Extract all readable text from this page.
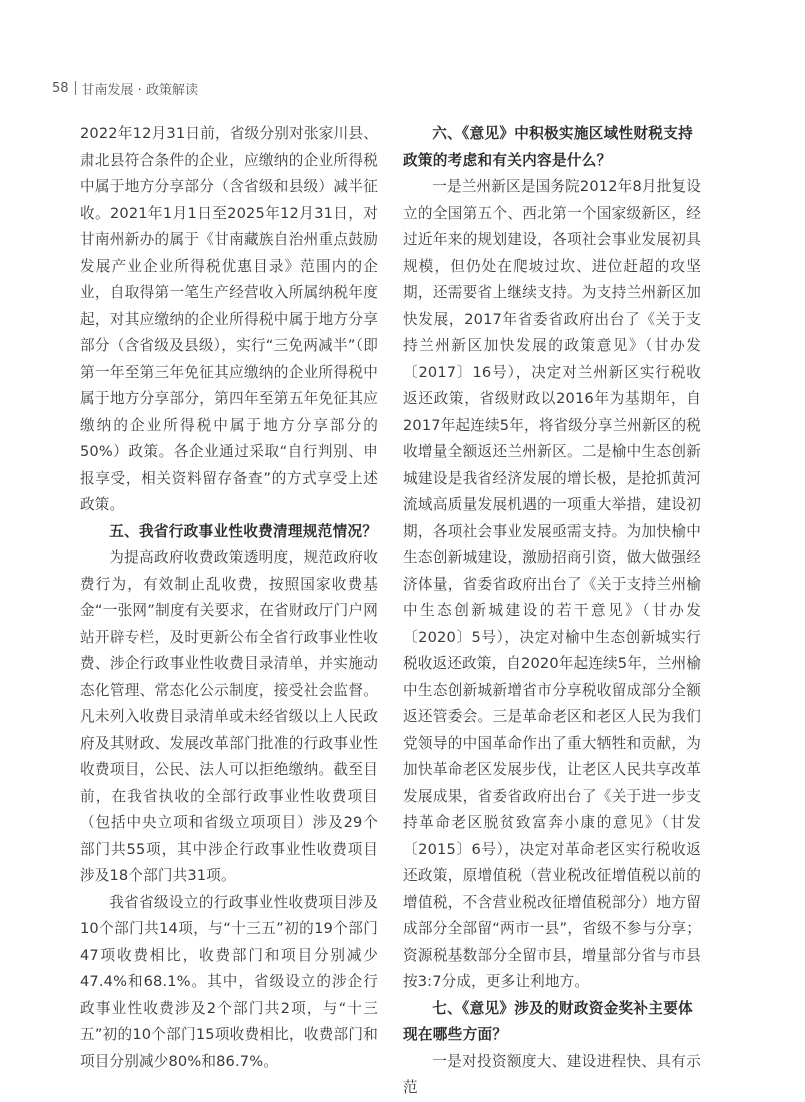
58 甘南发展 · 政策解读

2022年12月31日前，省级分别对张家川县、肃北县符合条件的企业，应缴纳的企业所得税中属于地方分享部分（含省级和县级）减半征收。2021年1月1日至2025年12月31日，对甘南州新办的属于《甘南藏族自治州重点鼓励发展产业企业所得税优惠目录》范围内的企业，自取得第一笔生产经营收入所属纳税年度起，对其应缴纳的企业所得税中属于地方分享部分（含省级及县级），实行“三免两减半”（即第一年至第三年免征其应缴纳的企业所得税中属于地方分享部分，第四年至第五年免征其应缴纳的企业所得税中属于地方分享部分的50%）政策。各企业通过采取“自行判别、申报享受，相关资料留存备查”的方式享受上述政策。

五、我省行政事业性收费清理规范情况？

为提高政府收费政策透明度，规范政府收费行为，有效制止乱收费，按照国家收费基金“一张网”制度有关要求，在省财政厅门户网站开辟专栏，及时更新公布全省行政事业性收费、涉企行政事业性收费目录清单，并实施动态化管理、常态化公示制度，接受社会监督。凡未列入收费目录清单或未经省级以上人民政府及其财政、发展改革部门批准的行政事业性收费项目，公民、法人可以拒绝缴纳。截至目前，在我省执收的全部行政事业性收费项目（包括中央立项和省级立项项目）涉及29个部门共55项，其中涉企行政事业性收费项目涉及18个部门共31项。

我省省级设立的行政事业性收费项目涉及10个部门共14项，与“十三五”初的19个部门47项收费相比，收费部门和项目分别减少47.4%和68.1%。其中，省级设立的涉企行政事业性收费涉及2个部门共2项，与“十三五”初的10个部门15项收费相比，收费部门和项目分别减少80%和86.7%。

六、《意见》中积极实施区域性财税支持政策的考虑和有关内容是什么？

一是兰州新区是国务院2012年8月批复设立的全国第五个、西北第一个国家级新区，经过近年来的规划建设，各项社会事业发展初具规模，但仍处在爬坡过坎、进位赶超的攻坚期，还需要省上继续支持。为支持兰州新区加快发展，2017年省委省政府出台了《关于支持兰州新区加快发展的政策意见》（甘办发〔2017〕16号），决定对兰州新区实行税收返还政策，省级财政以2016年为基期年，自2017年起连续5年，将省级分享兰州新区的税收增量全额返还兰州新区。二是榆中生态创新城建设是我省经济发展的增长极，是抢抓黄河流域高质量发展机遇的一项重大举措，建设初期，各项社会事业发展亟需支持。为加快榆中生态创新城建设，激励招商引资，做大做强经济体量，省委省政府出台了《关于支持兰州榆中生态创新城建设的若干意见》（甘办发〔2020〕5号），决定对榆中生态创新城实行税收返还政策，自2020年起连续5年，兰州榆中生态创新城新增省市分享税收留成部分全额返还管委会。三是革命老区和老区人民为我们党领导的中国革命作出了重大牺牲和贡献，为加快革命老区发展步伐，让老区人民共享改革发展成果，省委省政府出台了《关于进一步支持革命老区脱贫致富奔小康的意见》（甘发〔2015〕6号），决定对革命老区实行税收返还政策，原增值税（营业税改征增值税以前的增值税，不含营业税改征增值税部分）地方留成部分全部留“两市一县”，省级不参与分享；资源税基数部分全留市县，增量部分省与市县按3:7分成，更多让利地方。

七、《意见》涉及的财政资金奖补主要体现在哪些方面？

一是对投资额度大、建设进程快、具有示范
